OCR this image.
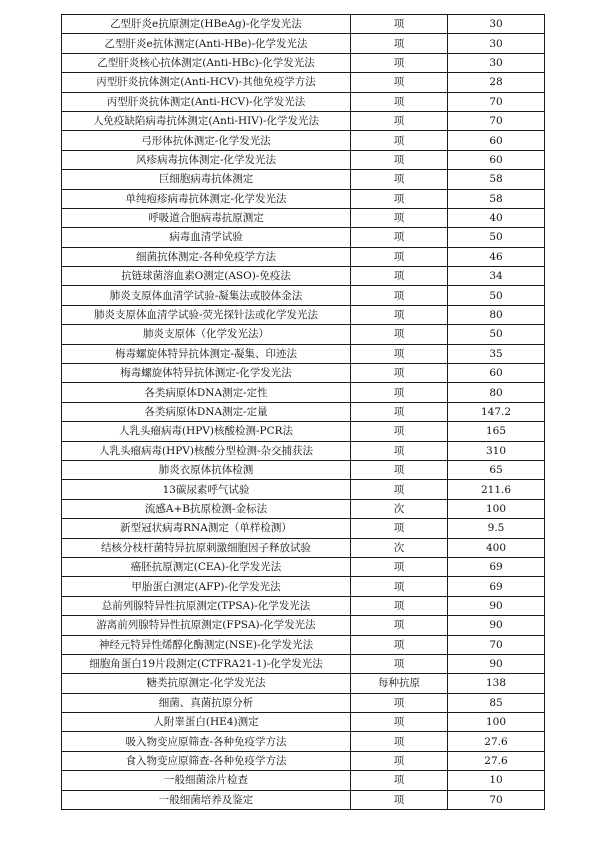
乙型肝炎e抗原测定(HBeAg)-化学发光法	项	30
乙型肝炎e抗体测定(Anti-HBe)-化学发光法	项	30
乙型肝炎核心抗体测定(Anti-HBc)-化学发光法	项	30
丙型肝炎抗体测定(Anti-HCV)-其他免疫学方法	项	28
丙型肝炎抗体测定(Anti-HCV)-化学发光法	项	70
人免疫缺陷病毒抗体测定(Anti-HIV)-化学发光法	项	70
弓形体抗体测定-化学发光法	项	60
风疹病毒抗体测定-化学发光法	项	60
巨细胞病毒抗体测定	项	58
单纯疱疹病毒抗体测定-化学发光法	项	58
呼吸道合胞病毒抗原测定	项	40
病毒血清学试验	项	50
细菌抗体测定-各种免疫学方法	项	46
抗链球菌溶血素O测定(ASO)-免疫法	项	34
肺炎支原体血清学试验-凝集法或胶体金法	项	50
肺炎支原体血清学试验-荧光探针法或化学发光法	项	80
肺炎支原体（化学发光法）	项	50
梅毒螺旋体特异抗体测定-凝集、印迹法	项	35
梅毒螺旋体特异抗体测定-化学发光法	项	60
各类病原体DNA测定-定性	项	80
各类病原体DNA测定-定量	项	147.2
人乳头瘤病毒(HPV)核酸检测-PCR法	项	165
人乳头瘤病毒(HPV)核酸分型检测-杂交捕获法	项	310
肺炎衣原体抗体检测	项	65
13碳尿素呼气试验	项	211.6
流感A+B抗原检测-金标法	次	100
新型冠状病毒RNA测定（单样检测）	项	9.5
结核分枝杆菌特异抗原刺激细胞因子释放试验	次	400
癌胚抗原测定(CEA)-化学发光法	项	69
甲胎蛋白测定(AFP)-化学发光法	项	69
总前列腺特异性抗原测定(TPSA)-化学发光法	项	90
游离前列腺特异性抗原测定(FPSA)-化学发光法	项	90
神经元特异性烯醇化酶测定(NSE)-化学发光法	项	70
细胞角蛋白19片段测定(CTFRA21-1)-化学发光法	项	90
糖类抗原测定-化学发光法	每种抗原	138
细菌、真菌抗原分析	项	85
人附睾蛋白(HE4)测定	项	100
吸入物变应原筛查-各种免疫学方法	项	27.6
食入物变应原筛查-各种免疫学方法	项	27.6
一般细菌涂片检查	项	10
一般细菌培养及鉴定	项	70
